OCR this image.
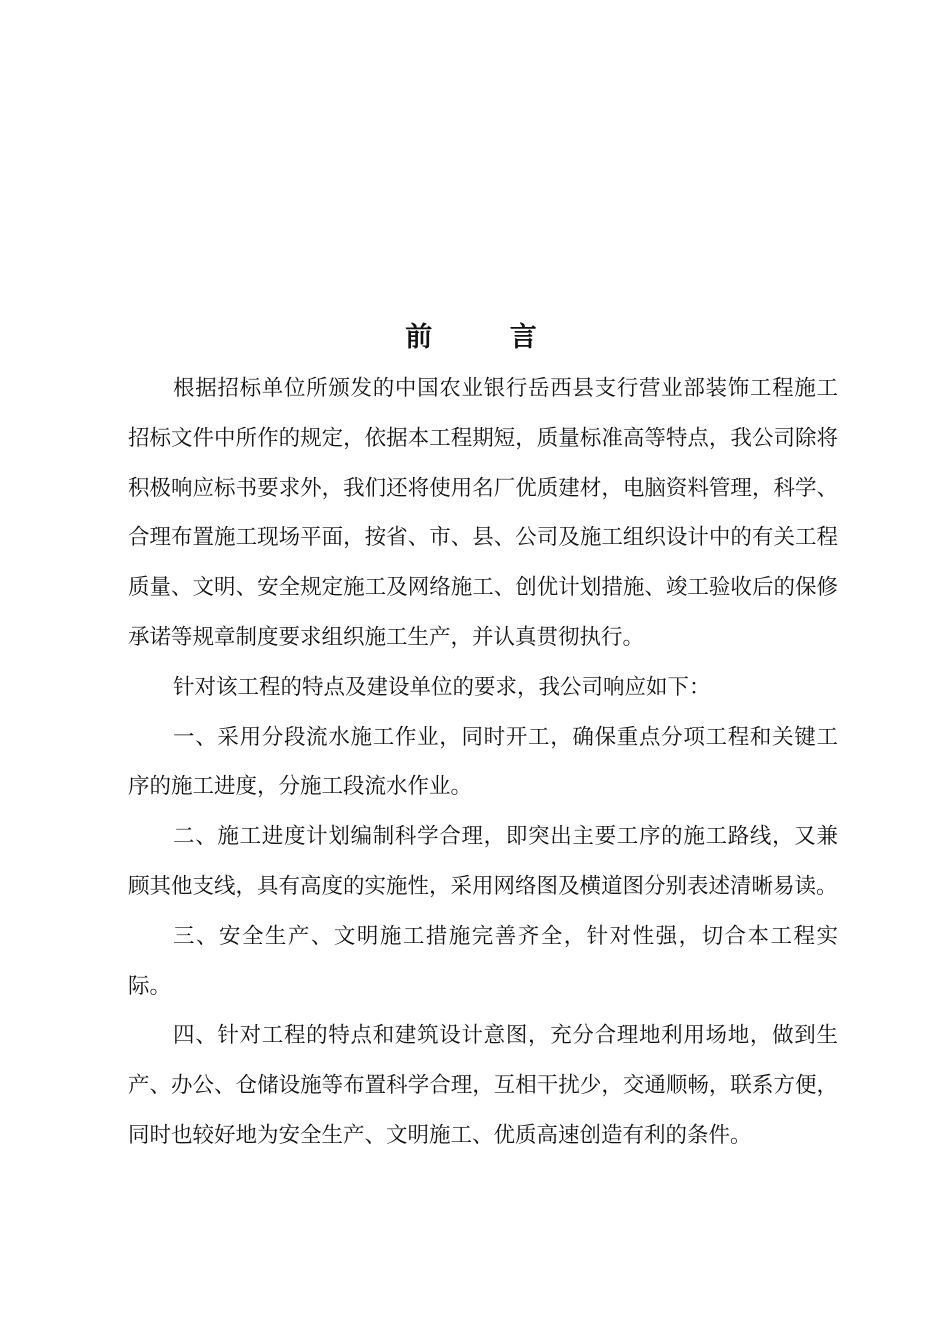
前    言

根据招标单位所颁发的中国农业银行岳西县支行营业部装饰工程施工招标文件中所作的规定，依据本工程期短，质量标准高等特点，我公司除将积极响应标书要求外，我们还将使用名厂优质建材，电脑资料管理，科学、合理布置施工现场平面，按省、市、县、公司及施工组织设计中的有关工程质量、文明、安全规定施工及网络施工、创优计划措施、竣工验收后的保修承诺等规章制度要求组织施工生产，并认真贯彻执行。

针对该工程的特点及建设单位的要求，我公司响应如下：

一、采用分段流水施工作业，同时开工，确保重点分项工程和关键工序的施工进度，分施工段流水作业。

二、施工进度计划编制科学合理，即突出主要工序的施工路线，又兼顾其他支线，具有高度的实施性，采用网络图及横道图分别表述清晰易读。

三、安全生产、文明施工措施完善齐全，针对性强，切合本工程实际。

四、针对工程的特点和建筑设计意图，充分合理地利用场地，做到生产、办公、仓储设施等布置科学合理，互相干扰少，交通顺畅，联系方便，同时也较好地为安全生产、文明施工、优质高速创造有利的条件。
